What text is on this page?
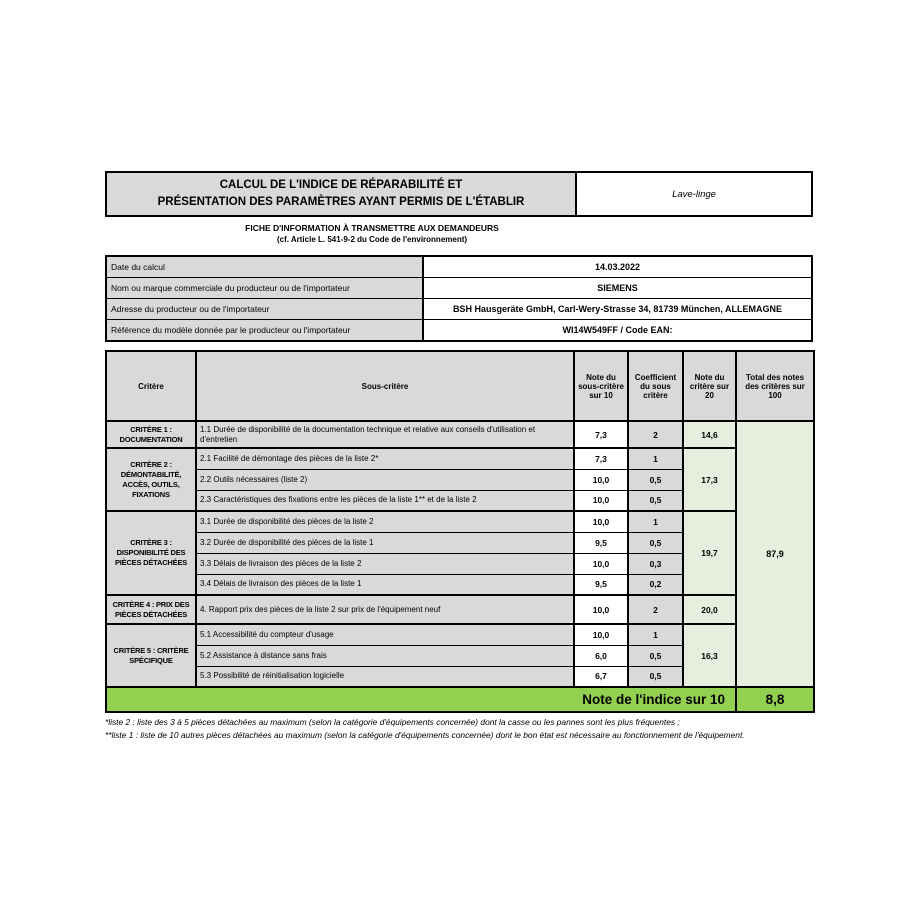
CALCUL DE L'INDICE DE RÉPARABILITÉ ET
PRÉSENTATION DES PARAMÈTRES AYANT PERMIS DE L'ÉTABLIR
Lave-linge
FICHE D'INFORMATION À TRANSMETTRE AUX DEMANDEURS
(cf. Article L. 541-9-2 du Code de l'environnement)
Date du calcul	14.03.2022
Nom ou marque commerciale du producteur ou de l'importateur	SIEMENS
Adresse du producteur ou de l'importateur	BSH Hausgeräte GmbH, Carl-Wery-Strasse 34, 81739 München, ALLEMAGNE
Référence du modèle donnée par le producteur ou l'importateur	WI14W549FF / Code EAN:
Critère	Sous-critère	Note du sous-critère sur 10	Coefficient du sous critère	Note du critère sur 20	Total des notes des critères sur 100
CRITÈRE 1 : DOCUMENTATION	1.1 Durée de disponibilité de la documentation technique et relative aux conseils d'utilisation et d'entretien	7,3	2	14,6	87,9
CRITÈRE 2 : DÉMONTABILITÉ, ACCÈS, OUTILS, FIXATIONS	2.1 Facilité de démontage des pièces de la liste 2*	7,3	1	17,3	
	2.2 Outils nécessaires (liste 2)	10,0	0,5		
	2.3 Caractéristiques des fixations entre les pièces de la liste 1** et de la liste 2	10,0	0,5		
CRITÈRE 3 : DISPONIBILITÉ DES PIÈCES DÉTACHÉES	3.1 Durée de disponibilité des pièces de la liste 2	10,0	1	19,7	
	3.2 Durée de disponibilité des pièces de la liste 1	9,5	0,5		
	3.3 Délais de livraison des pièces de la liste 2	10,0	0,3		
	3.4 Délais de livraison des pièces de la liste 1	9,5	0,2		
CRITÈRE 4 : PRIX DES PIÈCES DÉTACHÉES	4. Rapport prix des pièces de la liste 2 sur prix de l'équipement neuf	10,0	2	20,0	
CRITÈRE 5 : CRITÈRE SPÉCIFIQUE	5.1 Accessibilité du compteur d'usage	10,0	1	16,3	
	5.2 Assistance à distance sans frais	6,0	0,5		
	5.3 Possibilité de réinitialisation logicielle	6,7	0,5		
Note de l'indice sur 10					8,8
*liste 2 : liste des 3 à 5 pièces détachées au maximum (selon la catégorie d'équipements concernée) dont la casse ou les pannes sont les plus fréquentes ;
**liste 1 : liste de 10 autres pièces détachées au maximum (selon la catégorie d'équipements concernée) dont le bon état est nécessaire au fonctionnement de l'équipement.
